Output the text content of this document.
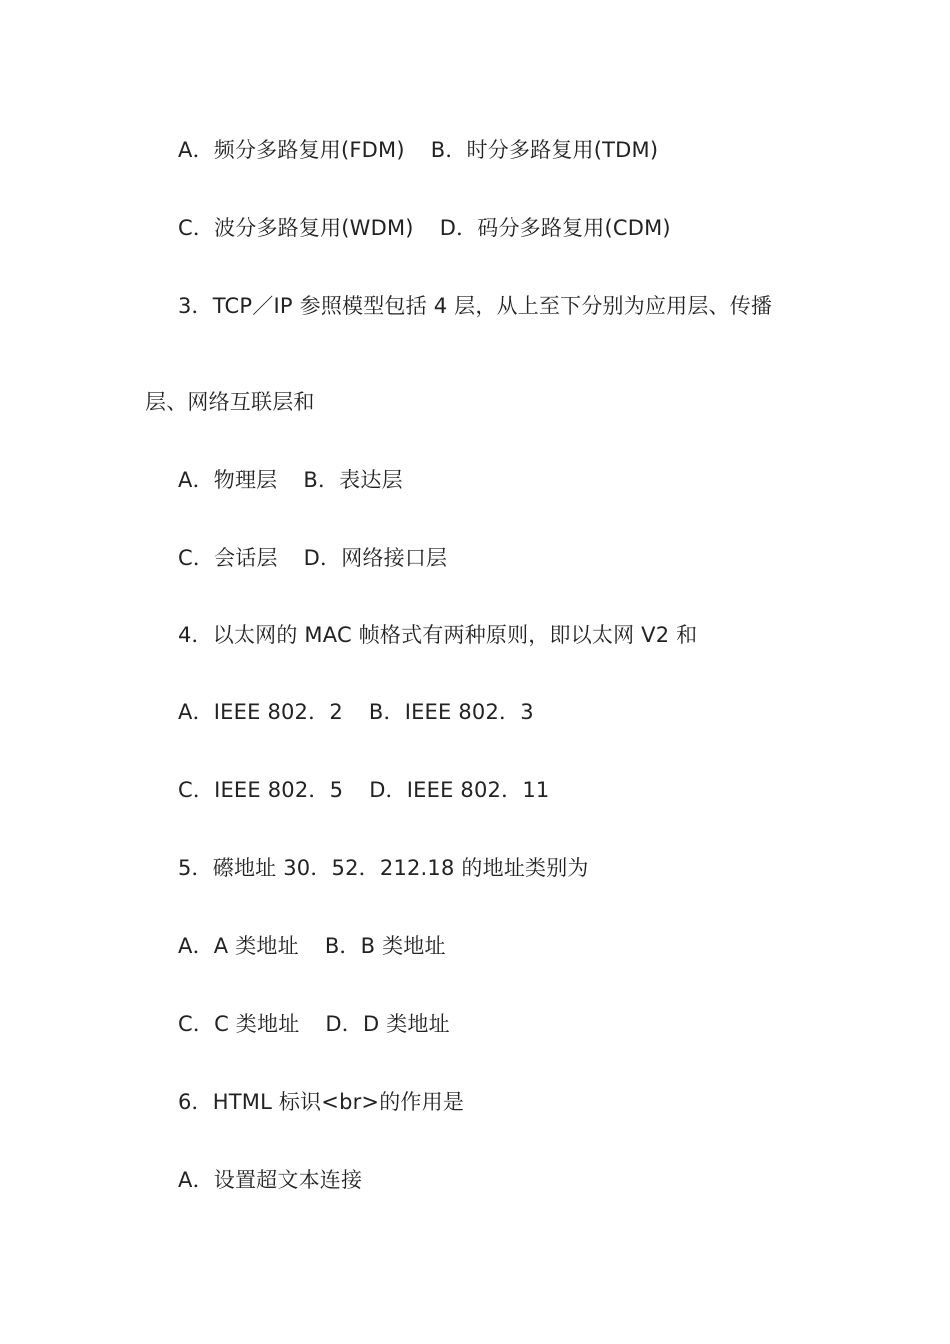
A．频分多路复用(FDM) B．时分多路复用(TDM)
C．波分多路复用(WDM) D．码分多路复用(CDM)
3．TCP／IP 参照模型包括 4 层，从上至下分别为应用层、传播
层、网络互联层和
A．物理层 B．表达层
C．会话层 D．网络接口层
4．以太网的 MAC 帧格式有两种原则，即以太网 V2 和
A．IEEE 802．2 B．IEEE 802．3
C．IEEE 802．5 D．IEEE 802．11
5．礤地址 30．52．212.18 的地址类别为
A．A 类地址 B．B 类地址
C．C 类地址 D．D 类地址
6．HTML 标识<br>的作用是
A．设置超文本连接
